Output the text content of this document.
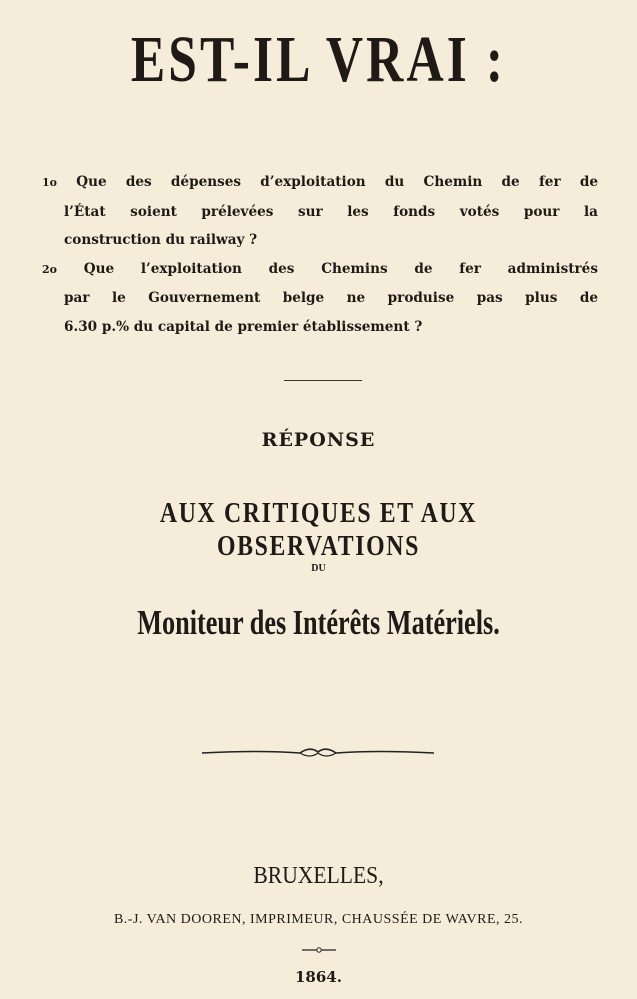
EST-IL VRAI :

1o Que des dépenses d’exploitation du Chemin de fer de

l’État soient prélevées sur les fonds votés pour la

construction du railway ?

2o Que l’exploitation des Chemins de fer administrés

par le Gouvernement belge ne produise pas plus de

6.30 p.% du capital de premier établissement ?

RÉPONSE
AUX CRITIQUES ET AUX OBSERVATIONS
DU
Moniteur des Intérêts Matériels.
BRUXELLES,
B.-J. VAN DOOREN, IMPRIMEUR, CHAUSSÉE DE WAVRE, 25.
1864.
